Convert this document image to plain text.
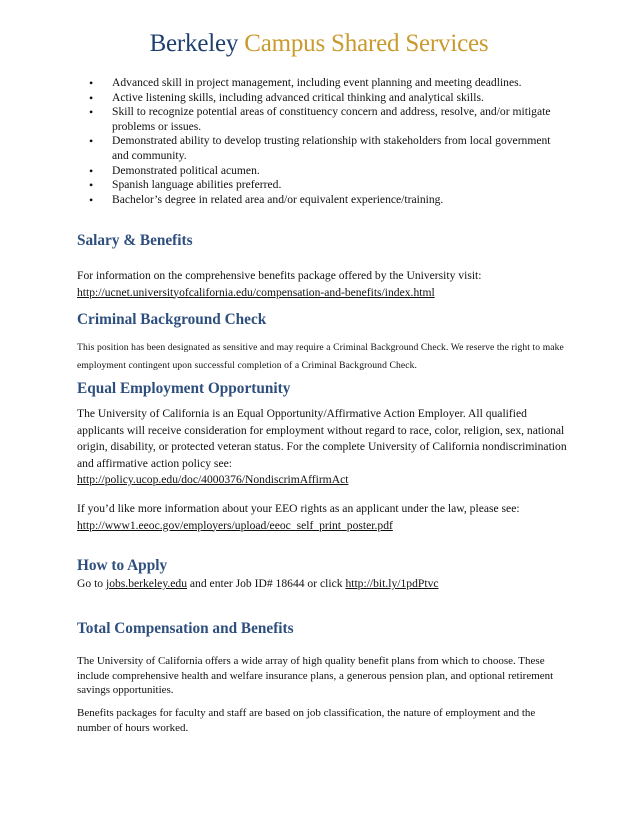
Berkeley Campus Shared Services
• Advanced skill in project management, including event planning and meeting deadlines.
• Active listening skills, including advanced critical thinking and analytical skills.
• Skill to recognize potential areas of constituency concern and address, resolve, and/or mitigate problems or issues.
• Demonstrated ability to develop trusting relationship with stakeholders from local government and community.
• Demonstrated political acumen.
• Spanish language abilities preferred.
• Bachelor’s degree in related area and/or equivalent experience/training.
Salary & Benefits

For information on the comprehensive benefits package offered by the University visit:
http://ucnet.universityofcalifornia.edu/compensation-and-benefits/index.html

Criminal Background Check

This position has been designated as sensitive and may require a Criminal Background Check. We reserve the right to make employment contingent upon successful completion of a Criminal Background Check.

Equal Employment Opportunity

The University of California is an Equal Opportunity/Affirmative Action Employer. All qualified applicants will receive consideration for employment without regard to race, color, religion, sex, national origin, disability, or protected veteran status. For the complete University of California nondiscrimination and affirmative action policy see:
http://policy.ucop.edu/doc/4000376/NondiscrimAffirmAct

If you’d like more information about your EEO rights as an applicant under the law, please see:
http://www1.eeoc.gov/employers/upload/eeoc_self_print_poster.pdf

How to Apply

Go to jobs.berkeley.edu and enter Job ID# 18644 or click http://bit.ly/1pdPtvc

Total Compensation and Benefits

The University of California offers a wide array of high quality benefit plans from which to choose. These include comprehensive health and welfare insurance plans, a generous pension plan, and optional retirement savings opportunities.

Benefits packages for faculty and staff are based on job classification, the nature of employment and the number of hours worked.
